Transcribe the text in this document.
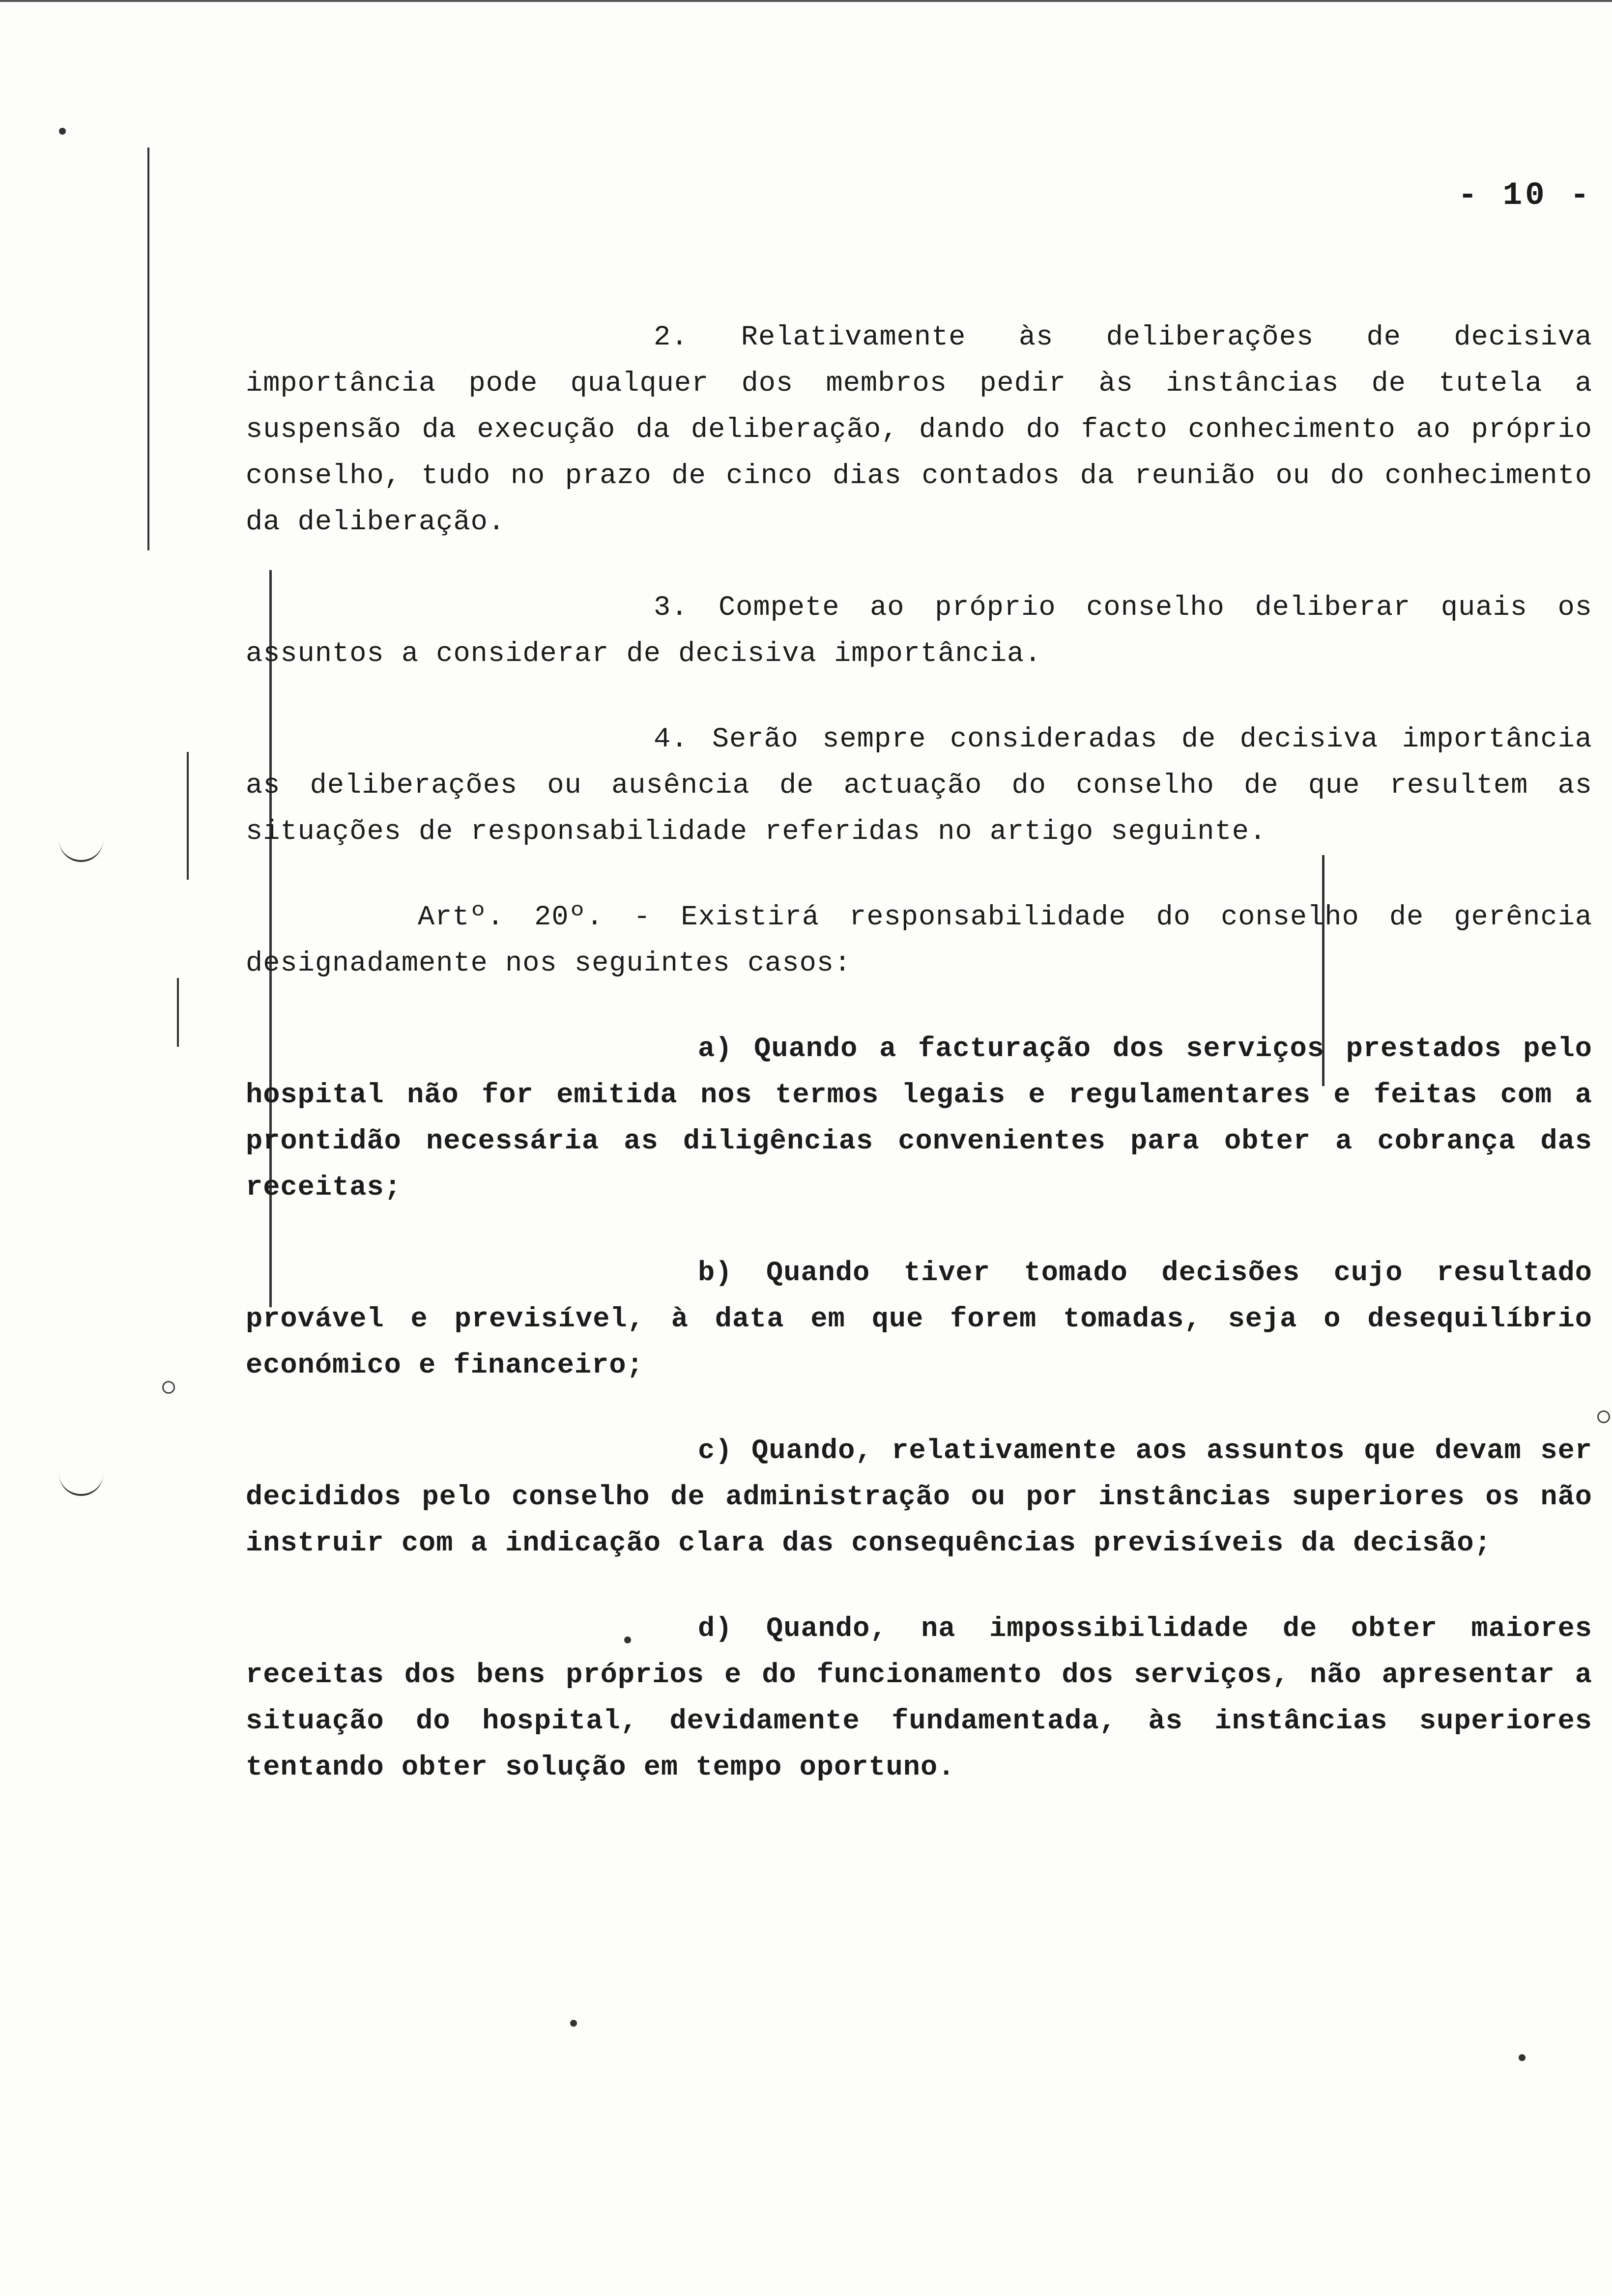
- 10 -

2. Relativamente às deliberações de decisiva importância pode qualquer dos membros pedir às instâncias de tutela a suspensão da execução da deliberação, dando do facto conhecimento ao próprio conselho, tudo no prazo de cinco dias contados da reunião ou do conhecimento da deliberação.

3. Compete ao próprio conselho deliberar quais os assuntos a considerar de decisiva importância.

4. Serão sempre consideradas de decisiva importância as deliberações ou ausência de actuação do conselho de que resultem as situações de responsabilidade referidas no artigo seguinte.

Artº. 20º. - Existirá responsabilidade do conselho de gerência designadamente nos seguintes casos:

a) Quando a facturação dos serviços prestados pelo hospital não for emitida nos termos legais e regulamentares e feitas com a prontidão necessária as diligências convenientes para obter a cobrança das receitas;

b) Quando tiver tomado decisões cujo resultado provável e previsível, à data em que forem tomadas, seja o desequilíbrio económico e financeiro;

c) Quando, relativamente aos assuntos que devam ser decididos pelo conselho de administração ou por instâncias superiores os não instruir com a indicação clara das consequências previsíveis da decisão;

d) Quando, na impossibilidade de obter maiores receitas dos bens próprios e do funcionamento dos serviços, não apresentar a situação do hospital, devidamente fundamentada, às instâncias superiores tentando obter solução em tempo oportuno.
